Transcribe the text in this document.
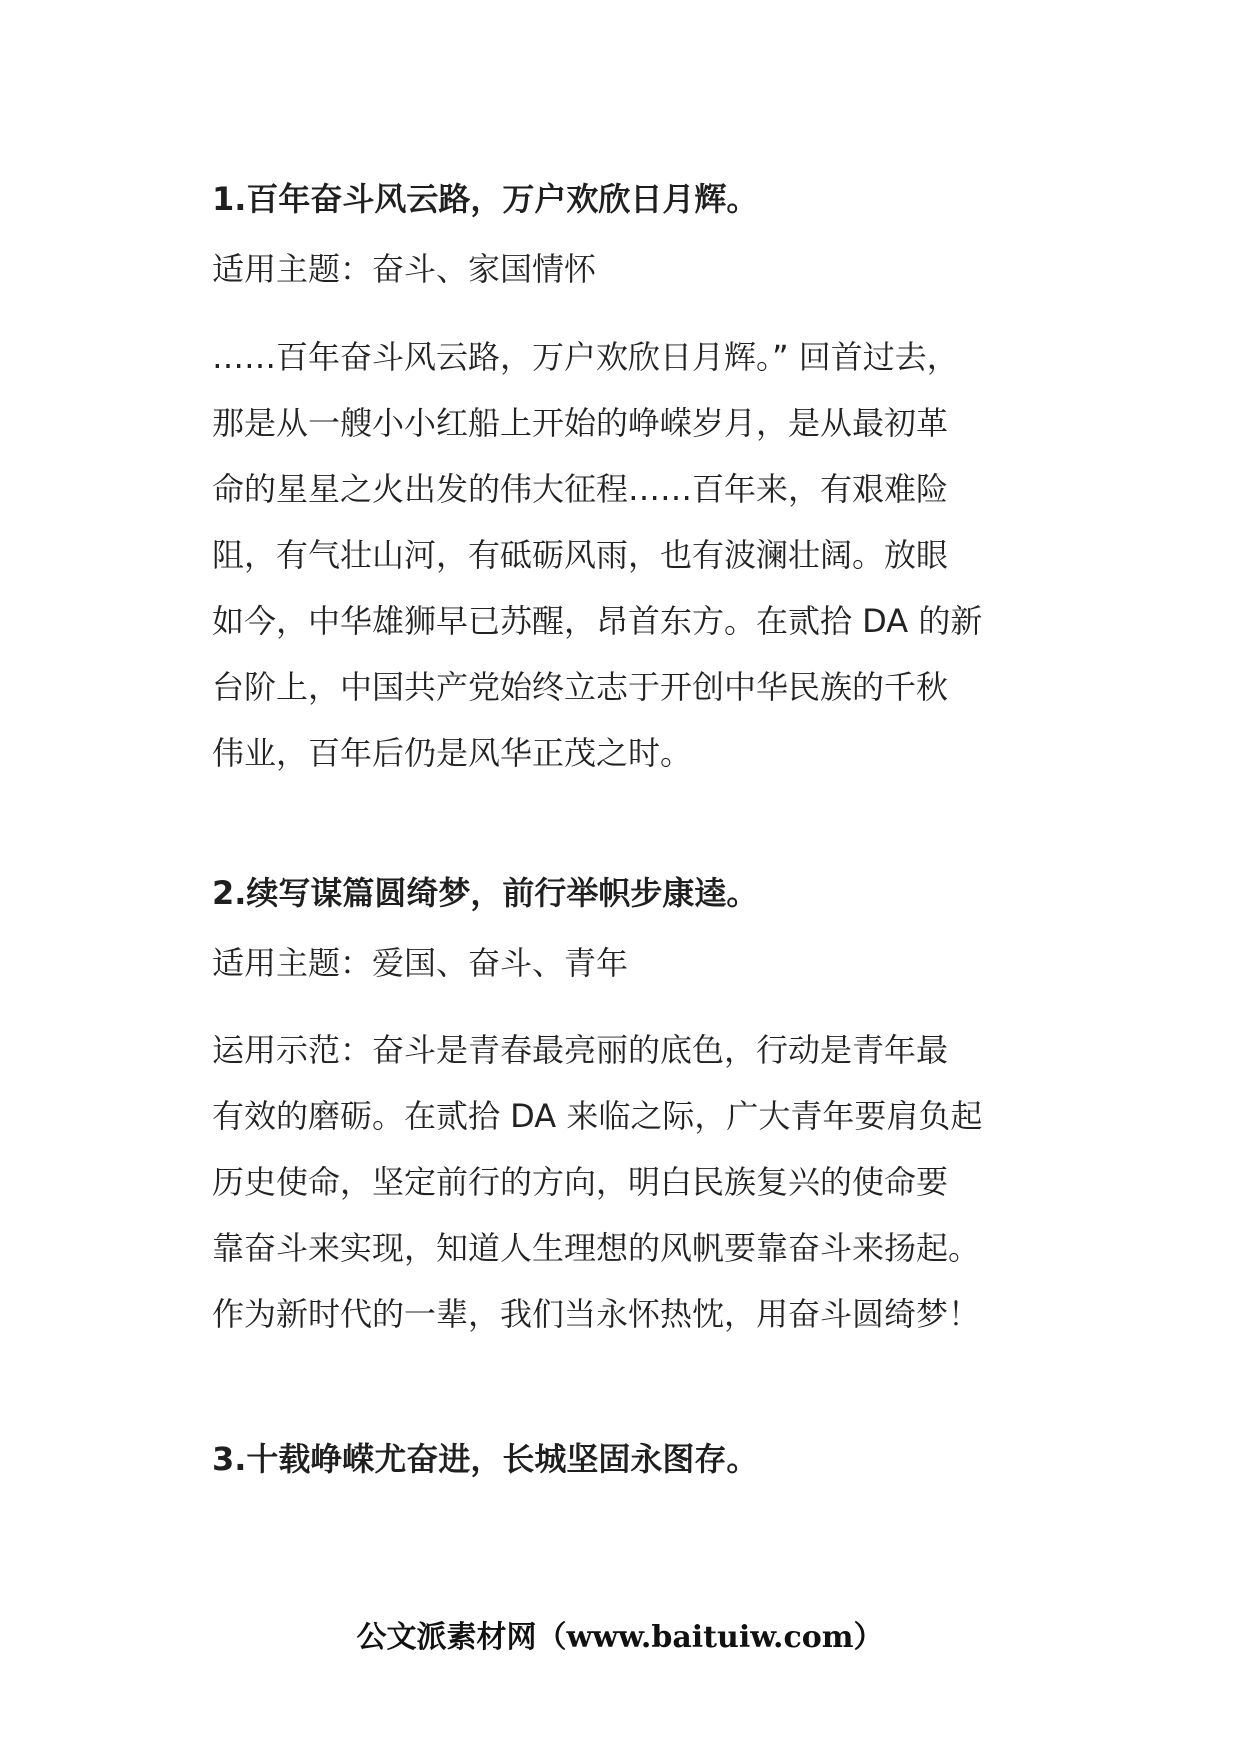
1.百年奋斗风云路，万户欢欣日月辉。

适用主题：奋斗、家国情怀

……百年奋斗风云路，万户欢欣日月辉。” 回首过去，
那是从一艘小小红船上开始的峥嵘岁月，是从最初革
命的星星之火出发的伟大征程……百年来，有艰难险
阻，有气壮山河，有砥砺风雨，也有波澜壮阔。放眼
如今，中华雄狮早已苏醒，昂首东方。在贰拾 DA 的新
台阶上，中国共产党始终立志于开创中华民族的千秋
伟业，百年后仍是风华正茂之时。
2.续写谋篇圆绮梦，前行举帜步康逵。

适用主题：爱国、奋斗、青年

运用示范：奋斗是青春最亮丽的底色，行动是青年最
有效的磨砺。在贰拾 DA 来临之际，广大青年要肩负起
历史使命，坚定前行的方向，明白民族复兴的使命要
靠奋斗来实现，知道人生理想的风帆要靠奋斗来扬起。
作为新时代的一辈，我们当永怀热忱，用奋斗圆绮梦！
3.十载峥嵘尤奋进，长城坚固永图存。
公文派素材网（www.baituiw.com）
